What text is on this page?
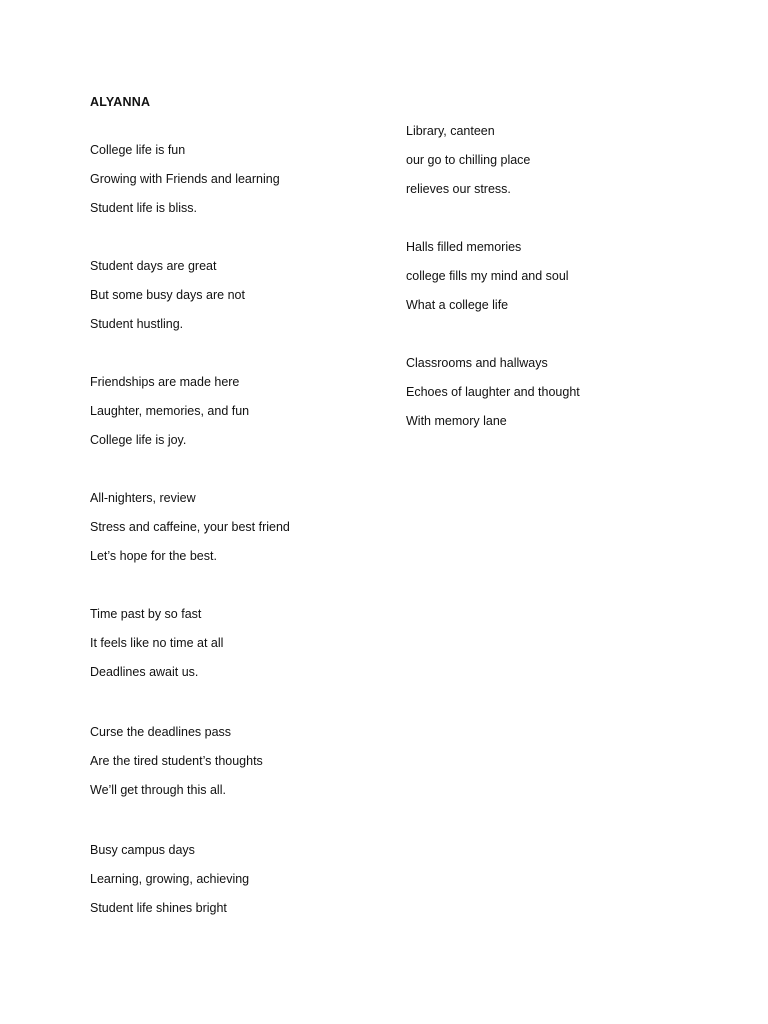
ALYANNA
College life is fun
Growing with Friends and learning
Student life is bliss.
Student days are great
But some busy days are not
Student hustling.
Friendships are made here
Laughter, memories, and fun
College life is joy.
All-nighters, review
Stress and caffeine, your best friend
Let’s hope for the best.
Time past by so fast
It feels like no time at all
Deadlines await us.
Curse the deadlines pass
Are the tired student’s thoughts
We’ll get through this all.
Busy campus days
Learning, growing, achieving
Student life shines bright
Library, canteen
our go to chilling place
relieves our stress.
Halls filled memories
college fills my mind and soul
What a college life
Classrooms and hallways
Echoes of laughter and thought
With memory lane
